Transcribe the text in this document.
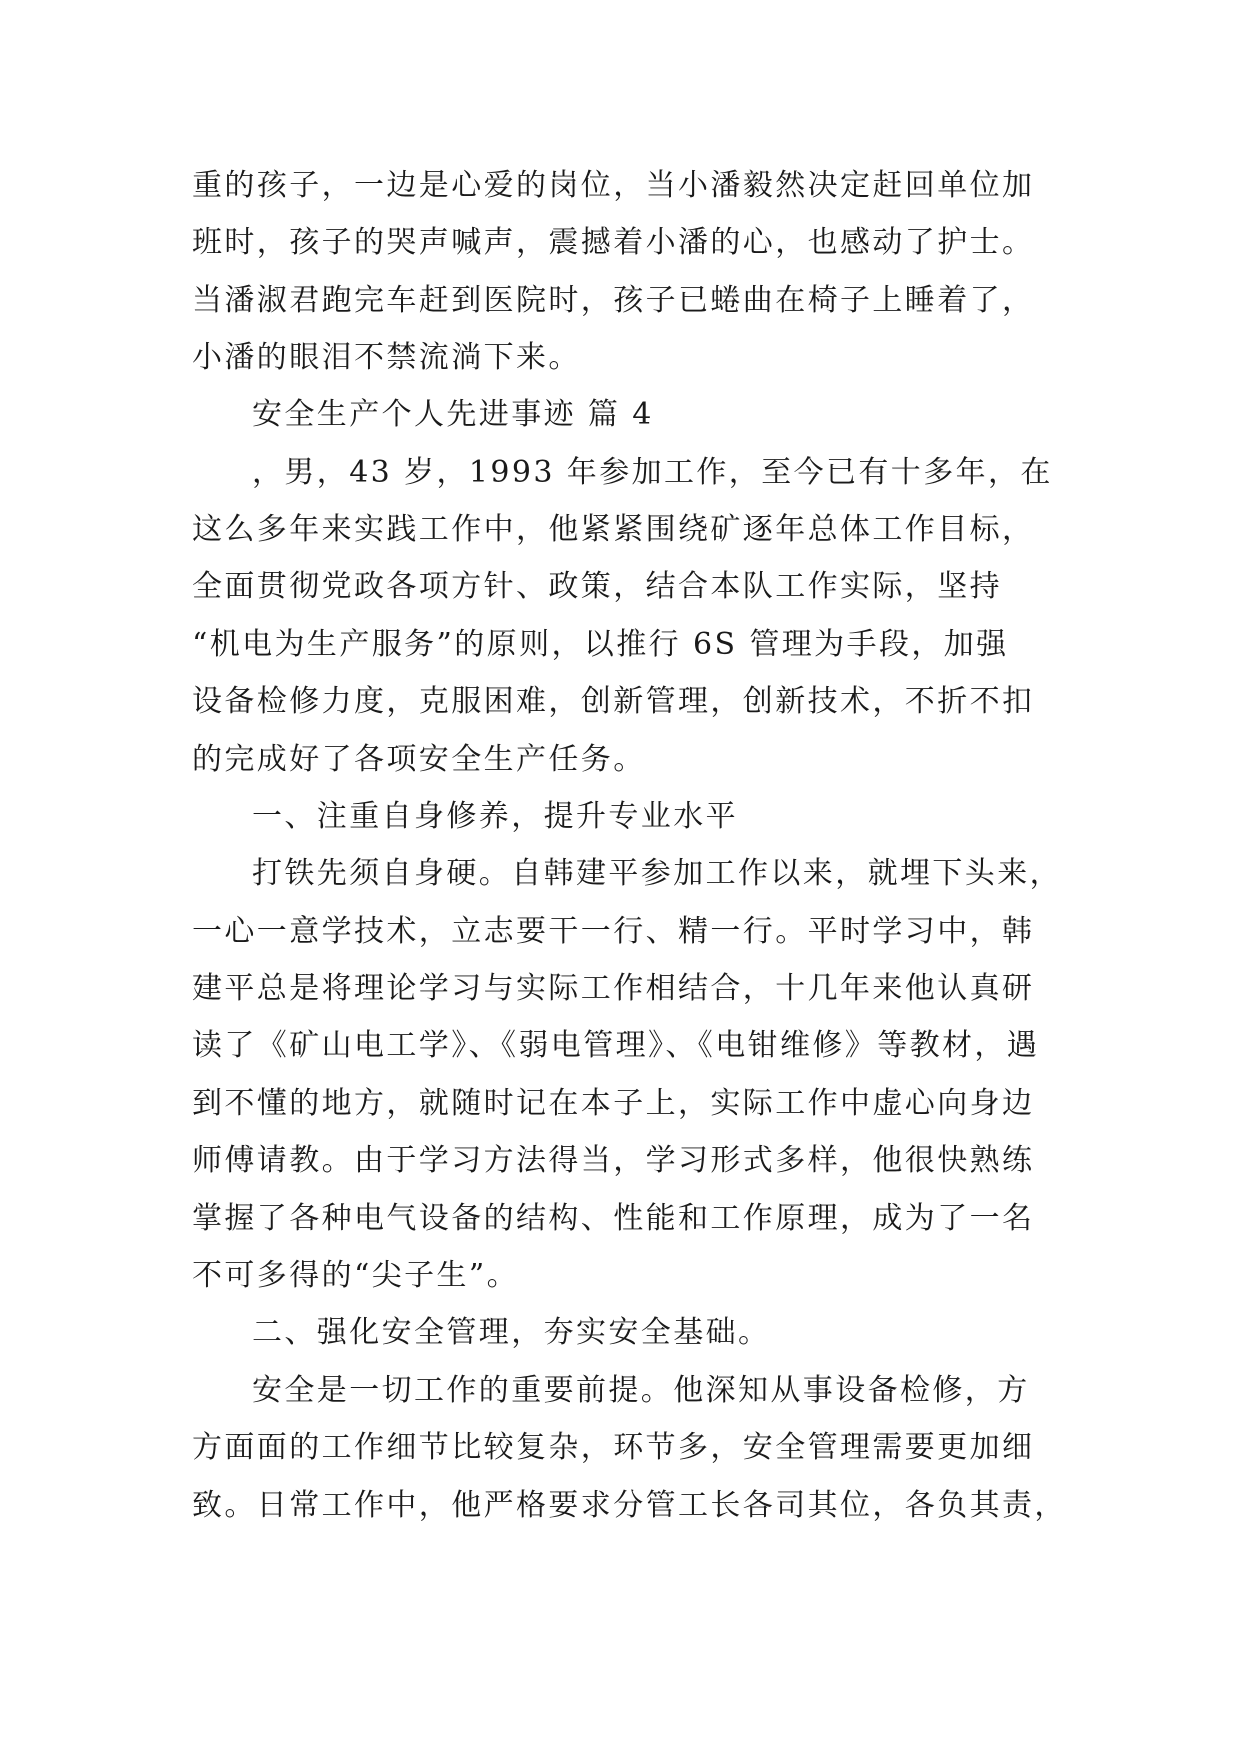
重的孩子，一边是心爱的岗位，当小潘毅然决定赶回单位加
班时，孩子的哭声喊声，震撼着小潘的心，也感动了护士。
当潘淑君跑完车赶到医院时，孩子已蜷曲在椅子上睡着了，
小潘的眼泪不禁流淌下来。
安全生产个人先进事迹 篇 4
，男，43 岁，1993 年参加工作，至今已有十多年，在
这么多年来实践工作中，他紧紧围绕矿逐年总体工作目标，
全面贯彻党政各项方针、政策，结合本队工作实际，坚持
“机电为生产服务”的原则，以推行 6S 管理为手段，加强
设备检修力度，克服困难，创新管理，创新技术，不折不扣
的完成好了各项安全生产任务。
一、注重自身修养，提升专业水平
打铁先须自身硬。自韩建平参加工作以来，就埋下头来，
一心一意学技术，立志要干一行、精一行。平时学习中，韩
建平总是将理论学习与实际工作相结合，十几年来他认真研
读了《矿山电工学》、《弱电管理》、《电钳维修》等教材，遇
到不懂的地方，就随时记在本子上，实际工作中虚心向身边
师傅请教。由于学习方法得当，学习形式多样，他很快熟练
掌握了各种电气设备的结构、性能和工作原理，成为了一名
不可多得的“尖子生”。
二、强化安全管理，夯实安全基础。
安全是一切工作的重要前提。他深知从事设备检修，方
方面面的工作细节比较复杂，环节多，安全管理需要更加细
致。日常工作中，他严格要求分管工长各司其位，各负其责，
